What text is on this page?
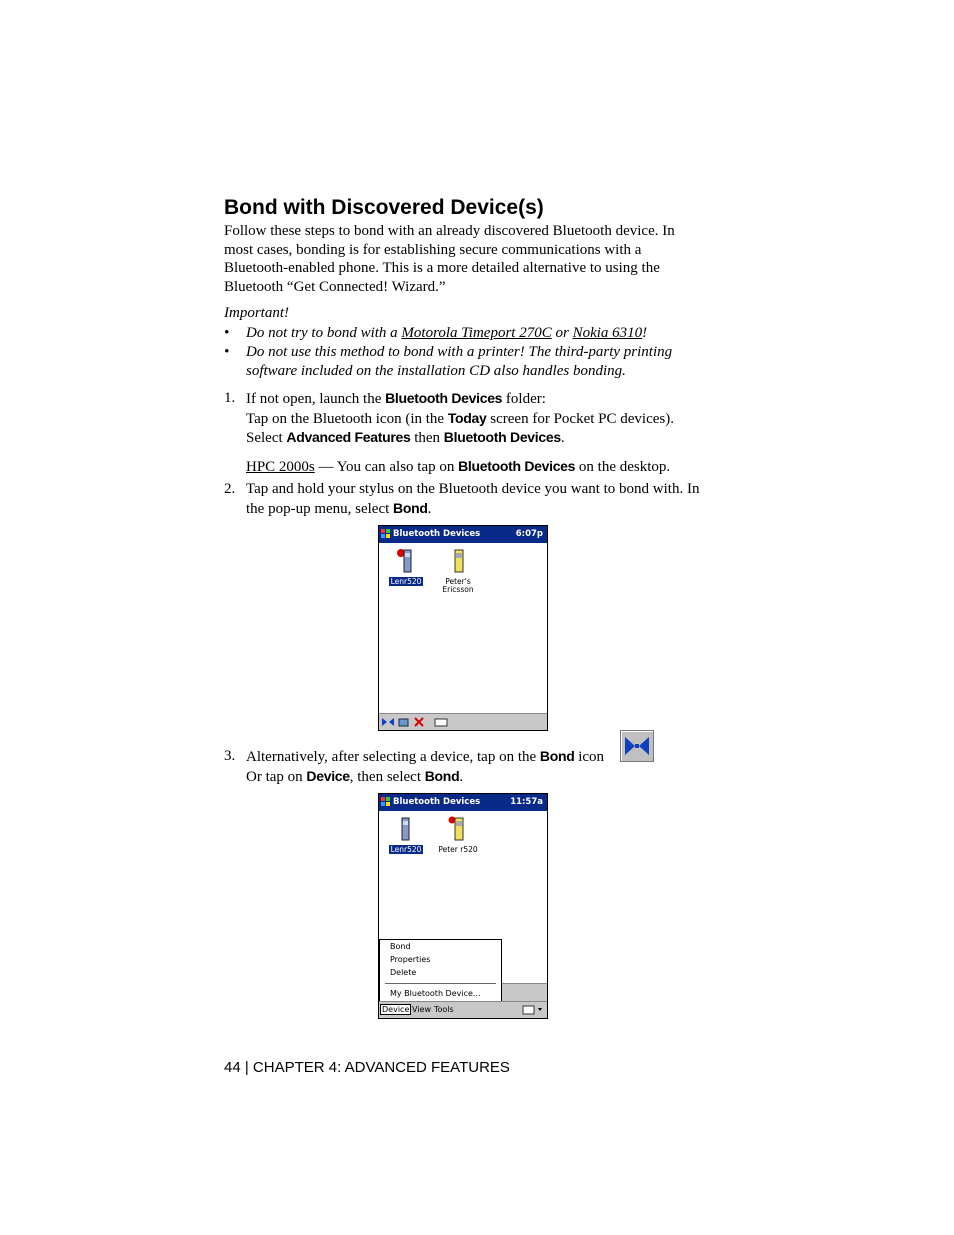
Bond with Discovered Device(s)

Follow these steps to bond with an already discovered Bluetooth device. In most cases, bonding is for establishing secure communications with a Bluetooth-enabled phone. This is a more detailed alternative to using the Bluetooth “Get Connected! Wizard.”

Important!

• Do not try to bond with a Motorola Timeport 270C or Nokia 6310!
• Do not use this method to bond with a printer! The third-party printing software included on the installation CD also handles bonding.
1. If not open, launch the Bluetooth Devices folder:
Tap on the Bluetooth icon (in the Today screen for Pocket PC devices).
Select Advanced Features then Bluetooth Devices.
HPC 2000s — You can also tap on Bluetooth Devices on the desktop.
2. Tap and hold your stylus on the Bluetooth device you want to bond with. In the pop-up menu, select Bond.
Bluetooth Devices	6:07p
Lenr520	Peter's
Ericsson
3. Alternatively, after selecting a device, tap on the Bond icon
Or tap on Device, then select Bond.
Bluetooth Devices	11:57a
Lenr520	Peter r520
Bond
Properties
Delete
My Bluetooth Device...
Device View Tools
44 | CHAPTER 4: ADVANCED FEATURES
